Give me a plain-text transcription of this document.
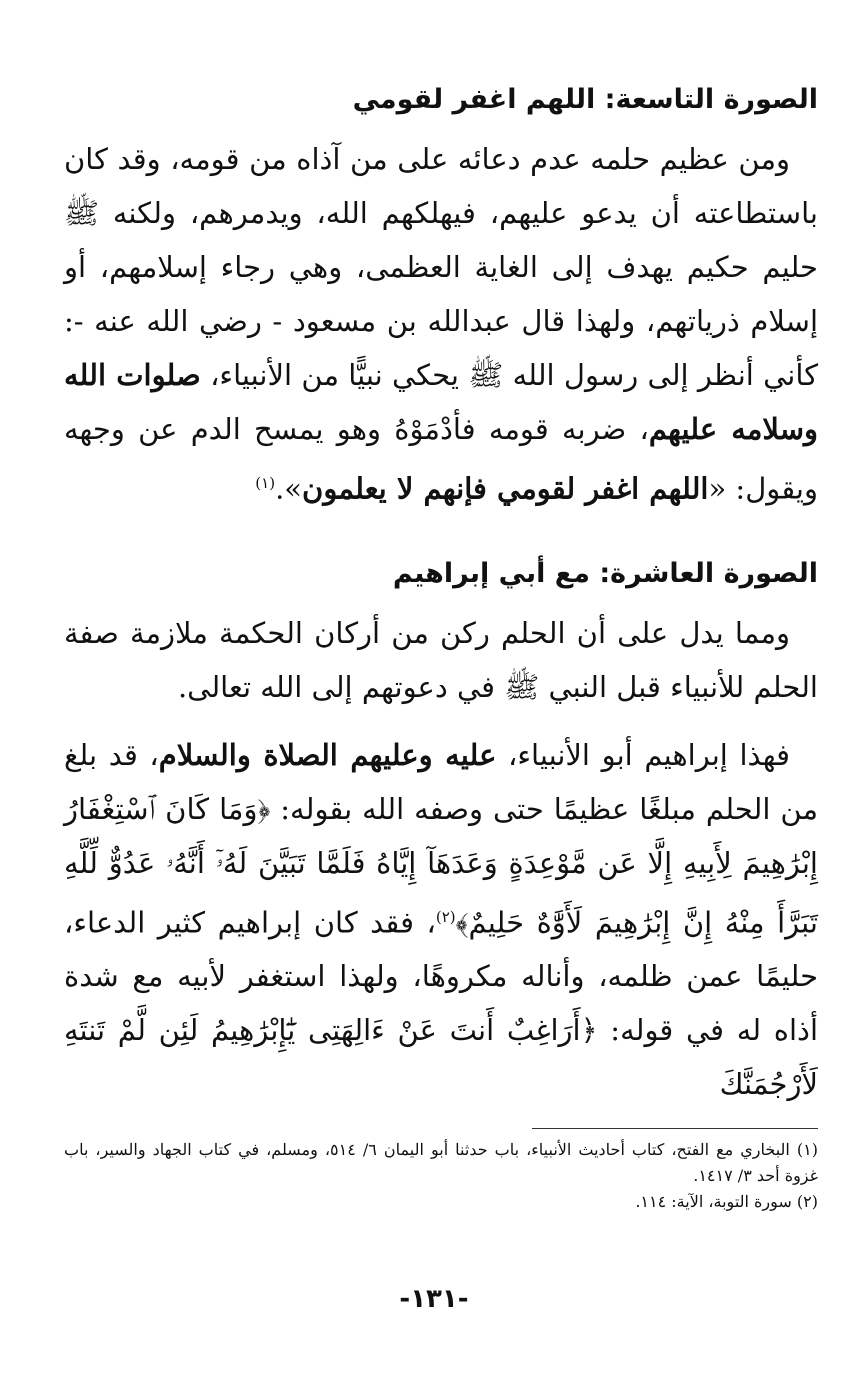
الصورة التاسعة: اللهم اغفر لقومي

ومن عظيم حلمه عدم دعائه على من آذاه من قومه، وقد كان باستطاعته أن يدعو عليهم، فيهلكهم الله، ويدمرهم، ولكنه ﷺ حليم حكيم يهدف إلى الغاية العظمى، وهي رجاء إسلامهم، أو إسلام ذرياتهم، ولهذا قال عبدالله بن مسعود - رضي الله عنه -: كأني أنظر إلى رسول الله ﷺ يحكي نبيًّا من الأنبياء، صلوات الله وسلامه عليهم، ضربه قومه فأدْمَوْهُ وهو يمسح الدم عن وجهه ويقول: «اللهم اغفر لقومي فإنهم لا يعلمون».$^{(١)}$

الصورة العاشرة: مع أبي إبراهيم

ومما يدل على أن الحلم ركن من أركان الحكمة ملازمة صفة الحلم للأنبياء قبل النبي ﷺ في دعوتهم إلى الله تعالى.

فهذا إبراهيم أبو الأنبياء، عليه وعليهم الصلاة والسلام، قد بلغ من الحلم مبلغًا عظيمًا حتى وصفه الله بقوله: ﴿وَمَا كَانَ ٱسْتِغْفَارُ إِبْرَٰهِيمَ لِأَبِيهِ إِلَّا عَن مَّوْعِدَةٍ وَعَدَهَآ إِيَّاهُ فَلَمَّا تَبَيَّنَ لَهُۥٓ أَنَّهُۥ عَدُوٌّ لِّلَّهِ تَبَرَّأَ مِنْهُ إِنَّ إِبْرَٰهِيمَ لَأَوَّٰهٌ حَلِيمٌ﴾$^{(٢)}$، فقد كان إبراهيم كثير الدعاء، حليمًا عمن ظلمه، وأناله مكروهًا، ولهذا استغفر لأبيه مع شدة أذاه له في قوله: ﴿أَرَاغِبٌ أَنتَ عَنْ ءَالِهَتِى يَٰٓإِبْرَٰهِيمُ لَئِن لَّمْ تَنتَهِ لَأَرْجُمَنَّكَ

(١) البخاري مع الفتح، كتاب أحاديث الأنبياء، باب حدثنا أبو اليمان ٦/ ٥١٤، ومسلم، في كتاب الجهاد والسير، باب غزوة أحد ٣/ ١٤١٧.

(٢) سورة التوبة، الآية: ١١٤.

-١٣١-
